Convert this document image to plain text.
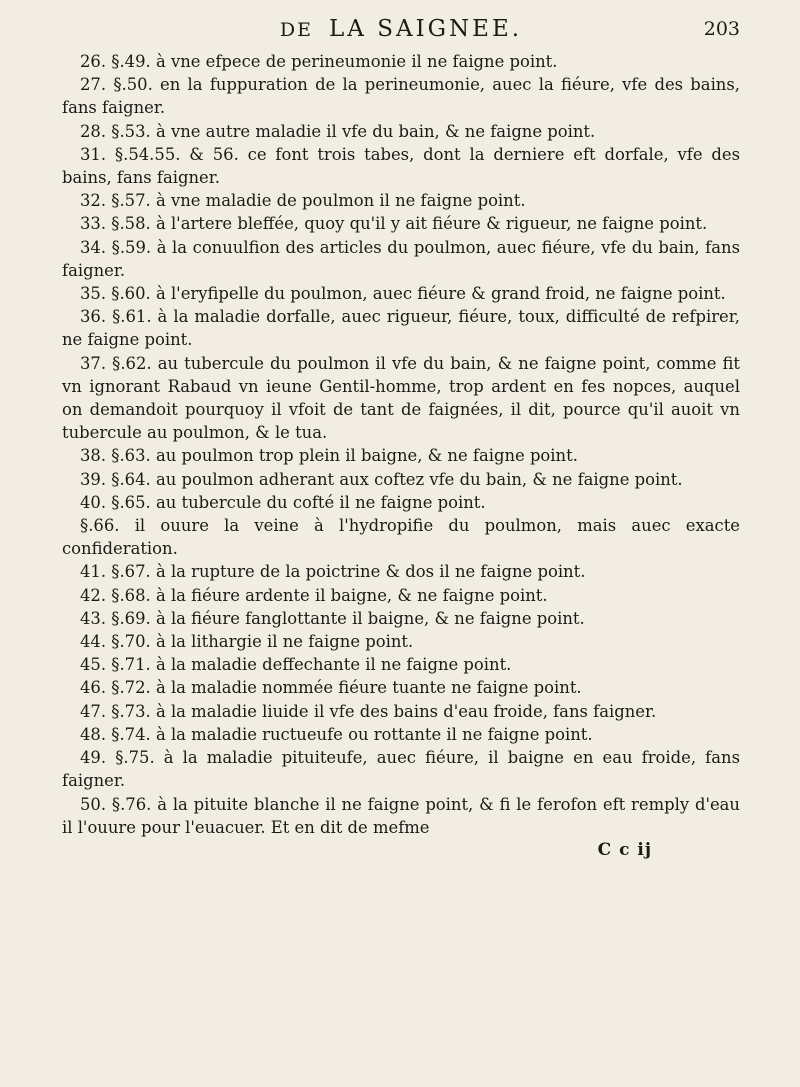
DE LA SAIGNEE.	203

26. §.49. à vne efpece de perineumonie il ne faigne point.

27. §.50. en la fuppuration de la perineumonie, auec la fiéure, vfe des bains, fans faigner.

28. §.53. à vne autre maladie il vfe du bain, & ne faigne point.

31. §.54.55. & 56. ce font trois tabes, dont la derniere eft dorfale, vfe des bains, fans faigner.

32. §.57. à vne maladie de poulmon il ne faigne point.

33. §.58. à l'artere bleffée, quoy qu'il y ait fiéure & rigueur, ne faigne point.

34. §.59. à la conuulfion des articles du poulmon, auec fiéure, vfe du bain, fans faigner.

35. §.60. à l'eryfipelle du poulmon, auec fiéure & grand froid, ne faigne point.

36. §.61. à la maladie dorfalle, auec rigueur, fiéure, toux, difficulté de refpirer, ne faigne point.

37. §.62. au tubercule du poulmon il vfe du bain, & ne faigne point, comme fit vn ignorant Rabaud vn ieune Gentil-homme, trop ardent en fes nopces, auquel on demandoit pourquoy il vfoit de tant de faignées, il dit, pource qu'il auoit vn tubercule au poulmon, & le tua.

38. §.63. au poulmon trop plein il baigne, & ne faigne point.

39. §.64. au poulmon adherant aux coftez vfe du bain, & ne faigne point.

40. §.65. au tubercule du cofté il ne faigne point.

§.66. il ouure la veine à l'hydropifie du poulmon, mais auec exacte confideration.

41. §.67. à la rupture de la poictrine & dos il ne faigne point.

42. §.68. à la fiéure ardente il baigne, & ne faigne point.

43. §.69. à la fiéure fanglottante il baigne, & ne faigne point.

44. §.70. à la lithargie il ne faigne point.

45. §.71. à la maladie deffechante il ne faigne point.

46. §.72. à la maladie nommée fiéure tuante ne faigne point.

47. §.73. à la maladie liuide il vfe des bains d'eau froide, fans faigner.

48. §.74. à la maladie ructueufe ou rottante il ne faigne point.

49. §.75. à la maladie pituiteufe, auec fiéure, il baigne en eau froide, fans faigner.

50. §.76. à la pituite blanche il ne faigne point, & fi le ferofon eft remply d'eau il l'ouure pour l'euacuer. Et en dit de mefme

C c ij
